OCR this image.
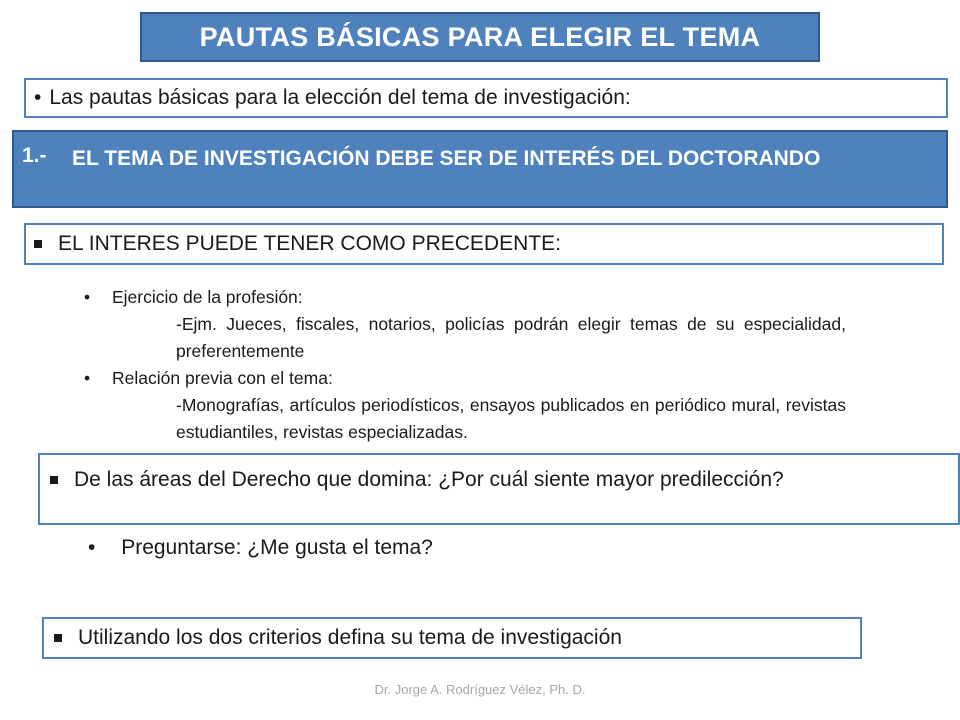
PAUTAS BÁSICAS PARA ELEGIR EL TEMA
• Las pautas básicas para la elección del tema de investigación:
1.- EL TEMA DE INVESTIGACIÓN DEBE SER DE INTERÉS DEL DOCTORANDO
EL INTERES PUEDE TENER COMO PRECEDENTE:
• Ejercicio de la profesión:
-Ejm. Jueces, fiscales, notarios, policías podrán elegir temas de su especialidad, preferentemente
• Relación previa con el tema:
-Monografías, artículos periodísticos, ensayos publicados en periódico mural, revistas estudiantiles, revistas especializadas.
De las áreas del Derecho que domina: ¿Por cuál siente mayor predilección?
• Preguntarse: ¿Me gusta el tema?
Utilizando los dos criterios defina su tema de investigación
Dr. Jorge A. Rodríguez Vélez, Ph. D.
